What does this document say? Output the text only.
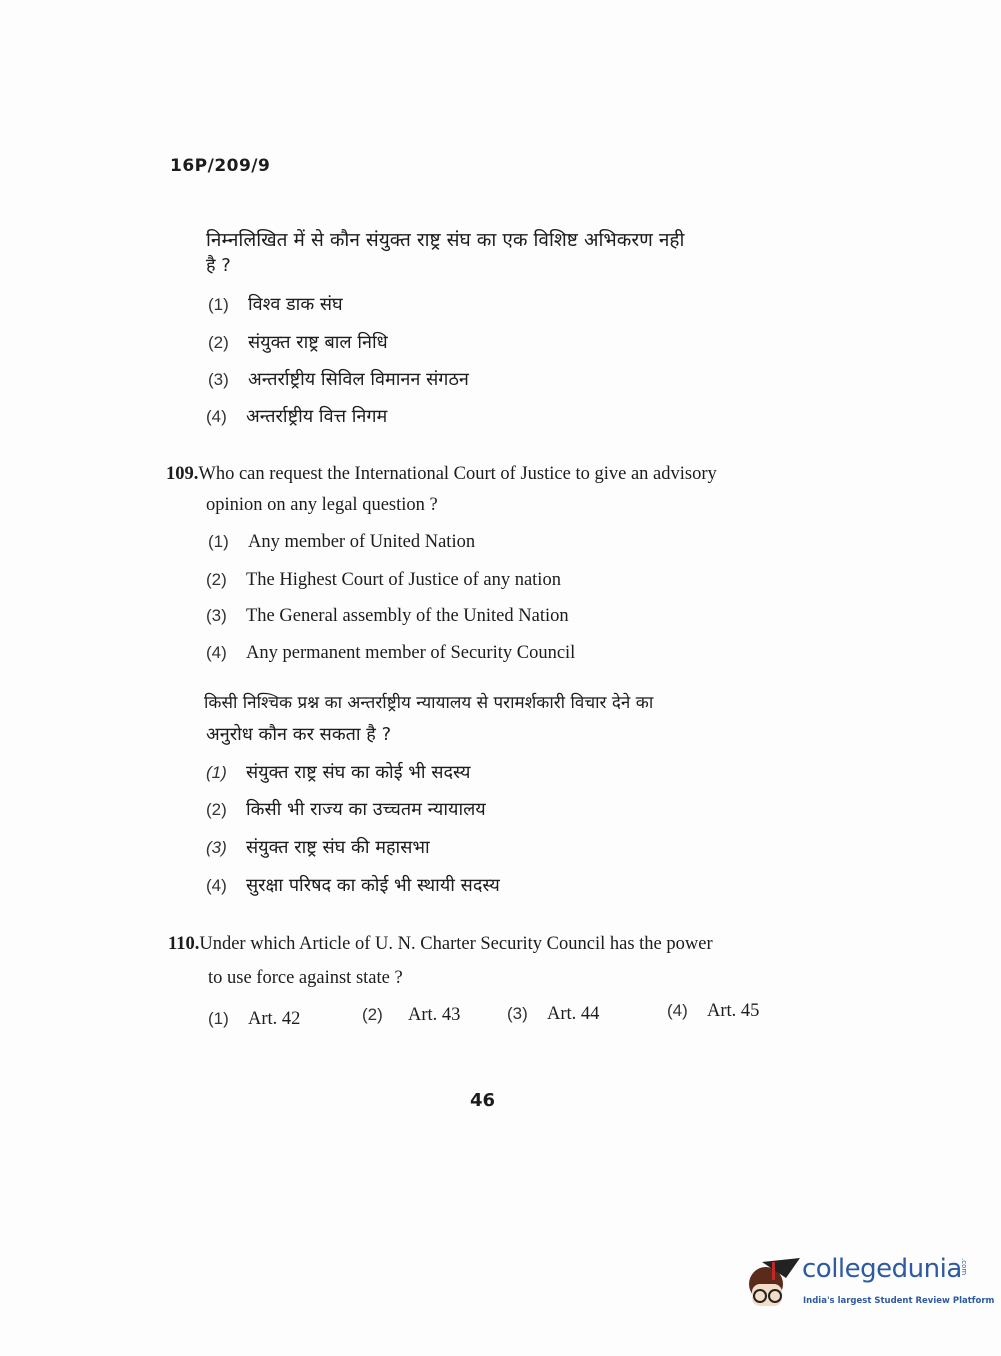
16P/209/9
निम्नलिखित में से कौन संयुक्त राष्ट्र संघ का एक विशिष्ट अभिकरण नही
है ?
(1) विश्व डाक संघ
(2) संयुक्त राष्ट्र बाल निधि
(3) अन्तर्राष्ट्रीय सिविल विमानन संगठन
(4) अन्तर्राष्ट्रीय वित्त निगम
109.Who can request the International Court of Justice to give an advisory
opinion on any legal question ?
(1) Any member of United Nation
(2) The Highest Court of Justice of any nation
(3) The General assembly of the United Nation
(4) Any permanent member of Security Council
किसी निश्चिक प्रश्न का अन्तर्राष्ट्रीय न्यायालय से परामर्शकारी विचार देने का
अनुरोध कौन कर सकता है ?
(1) संयुक्त राष्ट्र संघ का कोई भी सदस्य
(2) किसी भी राज्य का उच्चतम न्यायालय
(3) संयुक्त राष्ट्र संघ की महासभा
(4) सुरक्षा परिषद का कोई भी स्थायी सदस्य
110.Under which Article of U. N. Charter Security Council has the power
to use force against state ?
(1) Art. 42	(2) Art. 43	(3) Art. 44	(4) Art. 45
46
collegedunia
.com
India's largest Student Review Platform
